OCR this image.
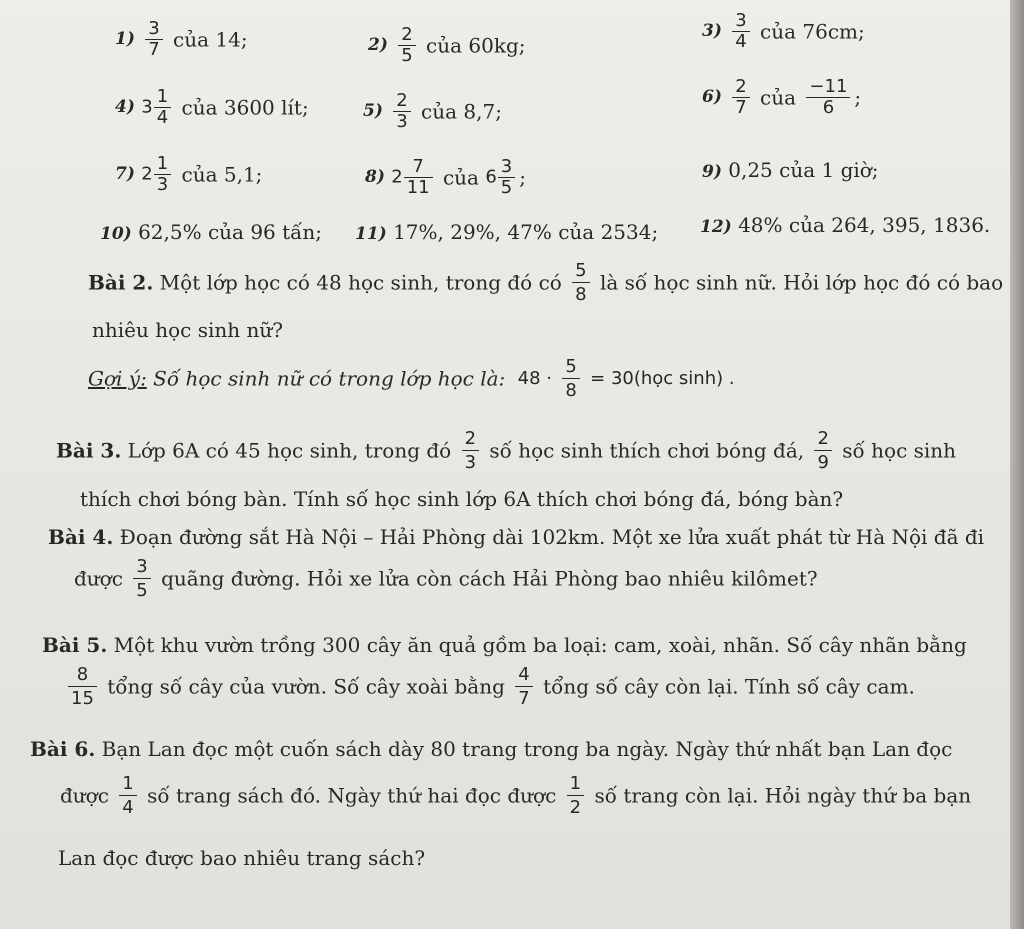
$1) \frac{3}{7}$ của 14;	$2) \frac{2}{5}$ của 60kg;
$3) \frac{3}{4}$ của 76cm;
4) $3 \frac{1}{4}$ của 3600 lít;	$5) \frac{2}{3}$ của 8,7;
$6) \frac{2}{7}$ của $\frac{-11}{6}$ ;
7) $2 \frac{1}{3}$ của 5,1;	8) $2 \frac{7}{11}$ của $6 \frac{3}{5}$ ;	9) 0,25 của 1 giờ;
10) 62,5% của 96 tấn; 11) 17%, 29%, 47% của 2534; 12) 48% của 264, 395, 1836.
Bài 2. Một lớp học có 48 học sinh, trong đó có $\frac{5}{8}$ là số học sinh nữ. Hỏi lớp học đó có bao
nhiêu học sinh nữ?
Gợi ý: Số học sinh nữ có trong lớp học là: $48 \cdot \frac{5}{8}$ = 30(học sinh) .
Bài 3. Lớp 6A có 45 học sinh, trong đó $\frac{2}{3}$ số học sinh thích chơi bóng đá, $\frac{2}{9}$ số học sinh
thích chơi bóng bàn. Tính số học sinh lớp 6A thích chơi bóng đá, bóng bàn?
Bài 4. Đoạn đường sắt Hà Nội – Hải Phòng dài 102km. Một xe lửa xuất phát từ Hà Nội đã đi
được $\frac{3}{5}$ quãng đường. Hỏi xe lửa còn cách Hải Phòng bao nhiêu kilômet?
Bài 5. Một khu vườn trồng 300 cây ăn quả gồm ba loại: cam, xoài, nhãn. Số cây nhãn bằng
$\frac{8}{15}$ tổng số cây của vườn. Số cây xoài bằng $\frac{4}{7}$ tổng số cây còn lại. Tính số cây cam.
Bài 6. Bạn Lan đọc một cuốn sách dày 80 trang trong ba ngày. Ngày thứ nhất bạn Lan đọc
được $\frac{1}{4}$ số trang sách đó. Ngày thứ hai đọc được $\frac{1}{2}$ số trang còn lại. Hỏi ngày thứ ba bạn
Lan đọc được bao nhiêu trang sách?
